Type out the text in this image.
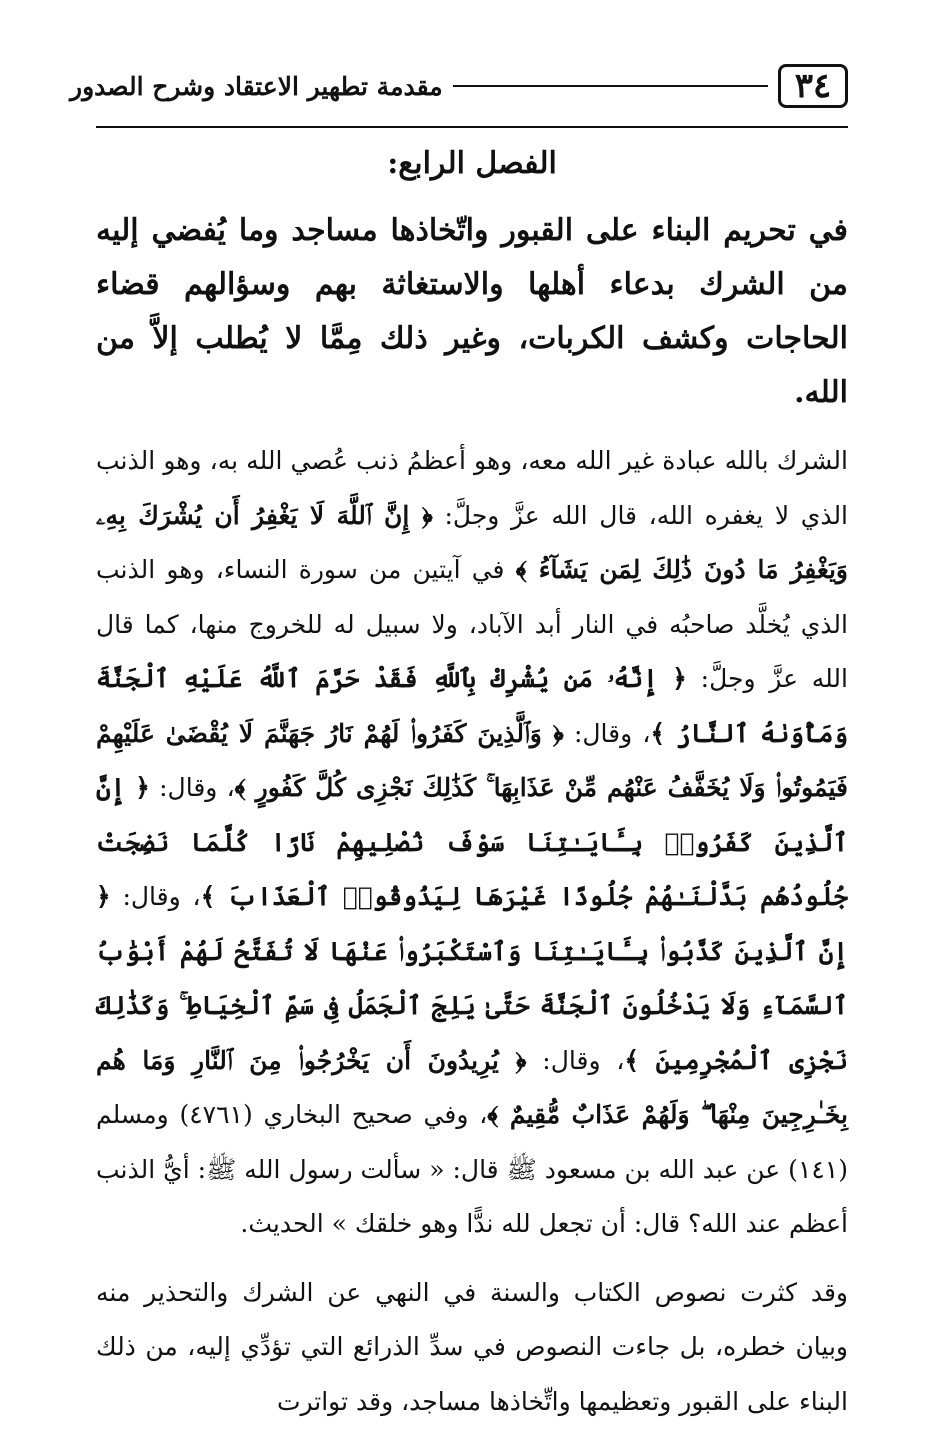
٣٤
مقدمة تطهير الاعتقاد وشرح الصدور
الفصل الرابع:
في تحريم البناء على القبور واتّخاذها مساجد وما يُفضي إليه من الشرك بدعاء أهلها والاستغاثة بهم وسؤالهم قضاء الحاجات وكشف الكربات، وغير ذلك مِمَّا لا يُطلب إلاَّ من الله.

الشرك بالله عبادة غير الله معه، وهو أعظمُ ذنب عُصي الله به، وهو الذنب الذي لا يغفره الله، قال الله عزَّ وجلَّ: ﴿ إِنَّ ٱللَّهَ لَا يَغْفِرُ أَن يُشْرَكَ بِهِۦ وَيَغْفِرُ مَا دُونَ ذَٰلِكَ لِمَن يَشَآءُ ﴾ في آيتين من سورة النساء، وهو الذنب الذي يُخلَّد صاحبُه في النار أبد الآباد، ولا سبيل له للخروج منها، كما قال الله عزَّ وجلَّ: ﴿ إِنَّهُۥ مَن يُشْرِكْ بِٱللَّهِ فَقَدْ حَرَّمَ ٱللَّهُ عَلَيْهِ ٱلْجَنَّةَ وَمَأْوَىٰهُ ٱلنَّارُ ﴾، وقال: ﴿ وَٱلَّذِينَ كَفَرُوا۟ لَهُمْ نَارُ جَهَنَّمَ لَا يُقْضَىٰ عَلَيْهِمْ فَيَمُوتُوا۟ وَلَا يُخَفَّفُ عَنْهُم مِّنْ عَذَابِهَا ۚ كَذَٰلِكَ نَجْزِى كُلَّ كَفُورٍ ﴾، وقال: ﴿ إِنَّ ٱلَّذِينَ كَفَرُوا۟ بِـَٔايَـٰتِنَا سَوْفَ نُصْلِيهِمْ نَارًا كُلَّمَا نَضِجَتْ جُلُودُهُم بَدَّلْنَـٰهُمْ جُلُودًا غَيْرَهَا لِيَذُوقُوا۟ ٱلْعَذَابَ ﴾، وقال: ﴿ إِنَّ ٱلَّذِينَ كَذَّبُوا۟ بِـَٔايَـٰتِنَا وَٱسْتَكْبَرُوا۟ عَنْهَا لَا تُفَتَّحُ لَهُمْ أَبْوَٰبُ ٱلسَّمَآءِ وَلَا يَدْخُلُونَ ٱلْجَنَّةَ حَتَّىٰ يَلِجَ ٱلْجَمَلُ فِى سَمِّ ٱلْخِيَاطِ ۚ وَكَذَٰلِكَ نَجْزِى ٱلْمُجْرِمِينَ ﴾، وقال: ﴿ يُرِيدُونَ أَن يَخْرُجُوا۟ مِنَ ٱلنَّارِ وَمَا هُم بِخَـٰرِجِينَ مِنْهَا ۖ وَلَهُمْ عَذَابٌ مُّقِيمٌ ﴾، وفي صحيح البخاري (٤٧٦١) ومسلم (١٤١) عن عبد الله بن مسعود ﷺ قال: « سألت رسول الله ﷺ: أيُّ الذنب أعظم عند الله؟ قال: أن تجعل لله ندًّا وهو خلقك » الحديث.

وقد كثرت نصوص الكتاب والسنة في النهي عن الشرك والتحذير منه وبيان خطره، بل جاءت النصوص في سدِّ الذرائع التي تؤدِّي إليه، من ذلك البناء على القبور وتعظيمها واتِّخاذها مساجد، وقد تواترت
